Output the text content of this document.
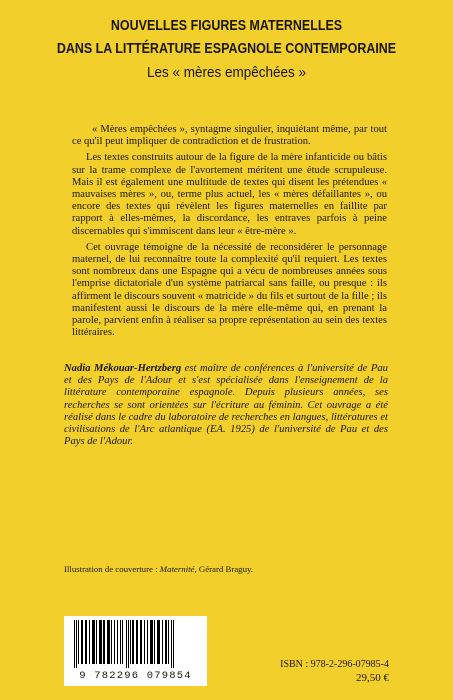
NOUVELLES FIGURES MATERNELLES
DANS LA LITTÉRATURE ESPAGNOLE CONTEMPORAINE
Les « mères empêchées »

« Mères empêchées », syntagme singulier, inquiétant même, par tout ce qu'il peut impliquer de contradiction et de frustration.

Les textes construits autour de la figure de la mère infanticide ou bâtis sur la trame complexe de l'avortement méritent une étude scrupuleuse. Mais il est également une multitude de textes qui disent les prétendues « mauvaises mères », ou, terme plus actuel, les « mères défaillantes », ou encore des textes qui révèlent les figures maternelles en faillite par rapport à elles-mêmes, la discordance, les entraves parfois à peine discernables qui s'immiscent dans leur « être-mère ».

Cet ouvrage témoigne de la nécessité de reconsidérer le personnage maternel, de lui reconnaître toute la complexité qu'il requiert. Les textes sont nombreux dans une Espagne qui a vécu de nombreuses années sous l'emprise dictatoriale d'un système patriarcal sans faille, ou presque : ils affirment le discours souvent « matricide » du fils et surtout de la fille ; ils manifestent aussi le discours de la mère elle-même qui, en prenant la parole, parvient enfin à réaliser sa propre représentation au sein des textes littéraires.

Nadia Mékouar-Hertzberg est maître de conférences à l'université de Pau et des Pays de l'Adour et s'est spécialisée dans l'enseignement de la littérature contemporaine espagnole. Depuis plusieurs années, ses recherches se sont orientées sur l'écriture au féminin. Cet ouvrage a été réalisé dans le cadre du laboratoire de recherches en langues, littératures et civilisations de l'Arc atlantique (EA. 1925) de l'université de Pau et des Pays de l'Adour.
Illustration de couverture : Maternité, Gérard Braguy.
9 782296 079854
ISBN : 978-2-296-07985-4
29,50 €
